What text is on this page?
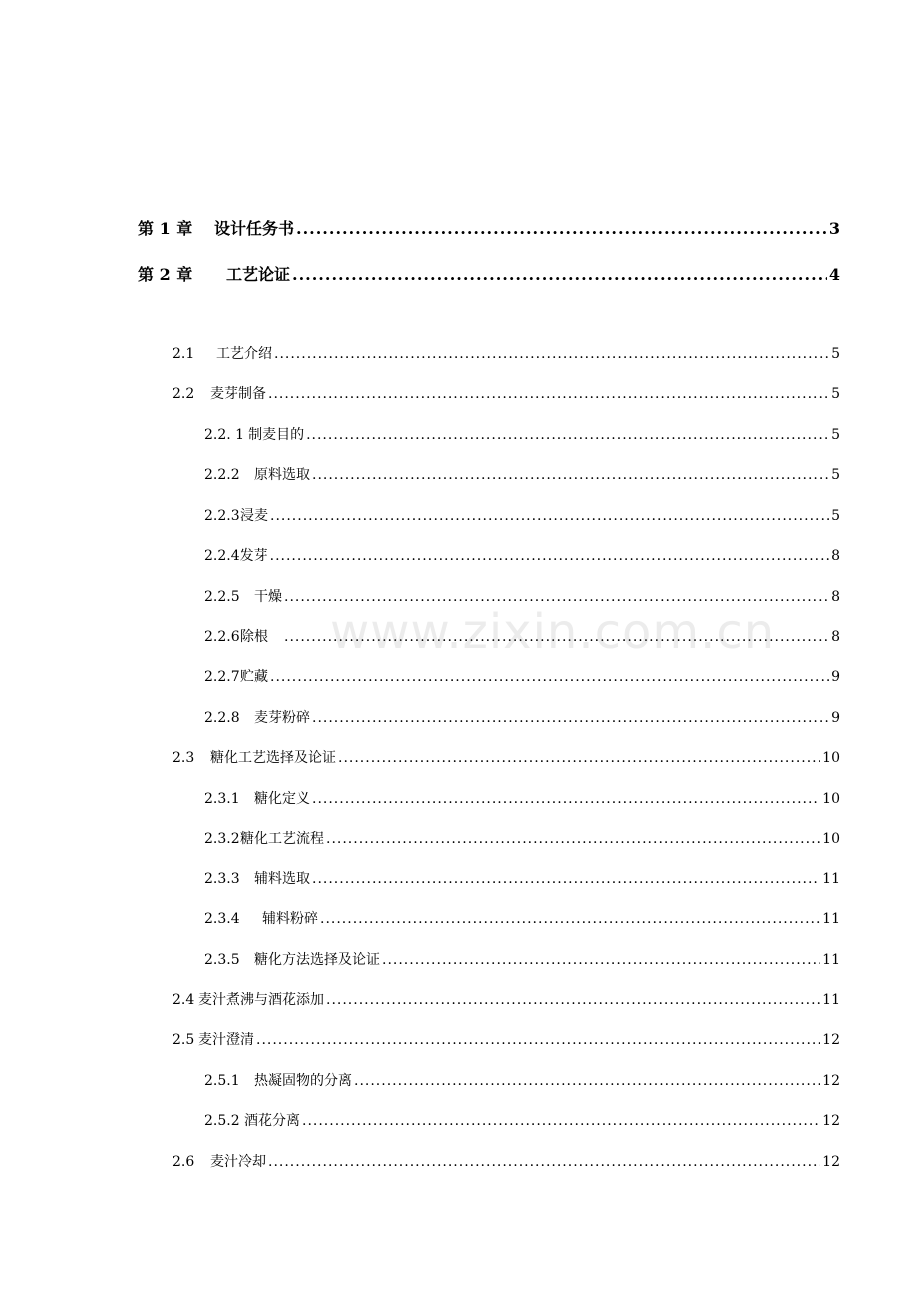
第 1 章	设计任务书 .....	3
第 2 章	工艺论证 .....	4
2.1	工艺介绍 .....	5
2.2	麦芽制备 .....	5
2.2. 1 制麦目的 .....	5
2.2.2	原料选取 .....	5
2.2.3 浸麦 .....	5
2.2.4 发芽 .....	8
2.2.5	干燥 .....	8
2.2.6 除根 .....	8
2.2.7 贮藏 .....	9
2.2.8	麦芽粉碎 .....	9
2.3	糖化工艺选择及论证 .....	10
2.3.1	糖化定义 .....	10
2.3.2 糖化工艺流程 .....	10
2.3.3	辅料选取 .....	11
2.3.4	辅料粉碎 .....	11
2.3.5	糖化方法选择及论证 .....	11
2.4 麦汁煮沸与酒花添加 .....	11
2.5 麦汁澄清 .....	12
2.5.1	热凝固物的分离 .....	12
2.5.2 酒花分离 .....	12
2.6	麦汁冷却 .....	12
www.zixin.com.cn
